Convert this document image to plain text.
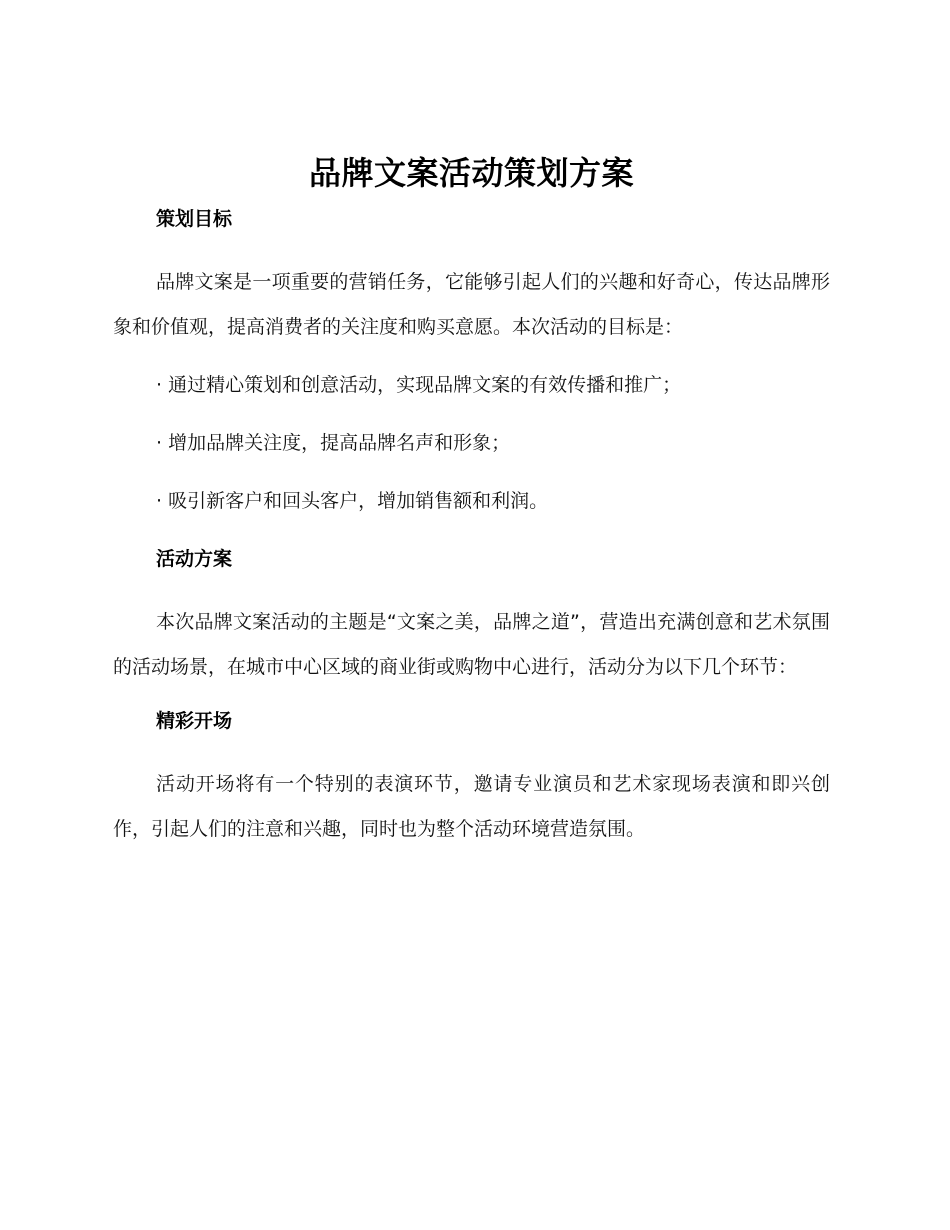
品牌文案活动策划方案
策划目标

品牌文案是一项重要的营销任务，它能够引起人们的兴趣和好奇心，传达品牌形象和价值观，提高消费者的关注度和购买意愿。本次活动的目标是：

· 通过精心策划和创意活动，实现品牌文案的有效传播和推广；
· 增加品牌关注度，提高品牌名声和形象；
· 吸引新客户和回头客户，增加销售额和利润。
活动方案

本次品牌文案活动的主题是“文案之美，品牌之道”，营造出充满创意和艺术氛围的活动场景，在城市中心区域的商业街或购物中心进行，活动分为以下几个环节：

精彩开场

活动开场将有一个特别的表演环节，邀请专业演员和艺术家现场表演和即兴创作，引起人们的注意和兴趣，同时也为整个活动环境营造氛围。
